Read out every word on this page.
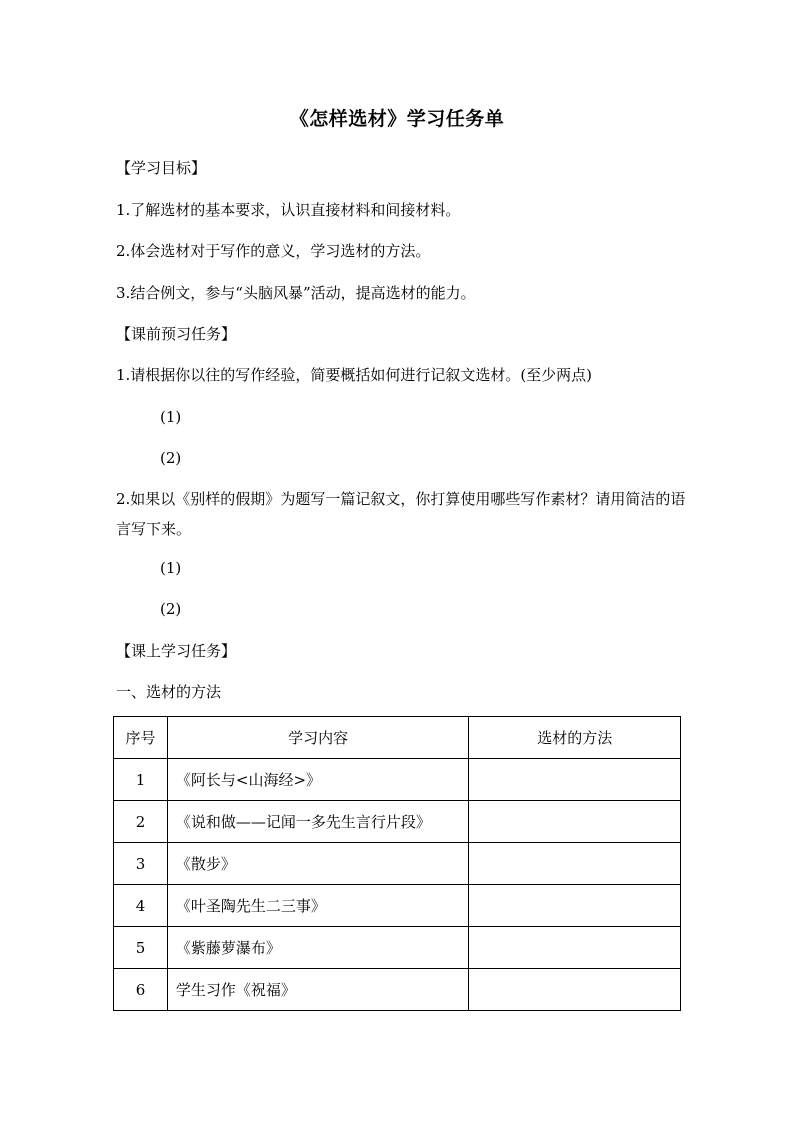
《怎样选材》学习任务单
【学习目标】
1.了解选材的基本要求，认识直接材料和间接材料。
2.体会选材对于写作的意义，学习选材的方法。
3.结合例文，参与“头脑风暴”活动，提高选材的能力。
【课前预习任务】
1.请根据你以往的写作经验，简要概括如何进行记叙文选材。(至少两点)
(1)
(2)
2.如果以《别样的假期》为题写一篇记叙文，你打算使用哪些写作素材？请用简洁的语言写下来。
(1)
(2)
【课上学习任务】
一、选材的方法
序号	学习内容	选材的方法
1	《阿长与<山海经>》	
2	《说和做——记闻一多先生言行片段》	
3	《散步》	
4	《叶圣陶先生二三事》	
5	《紫藤萝瀑布》	
6	学生习作《祝福》	
